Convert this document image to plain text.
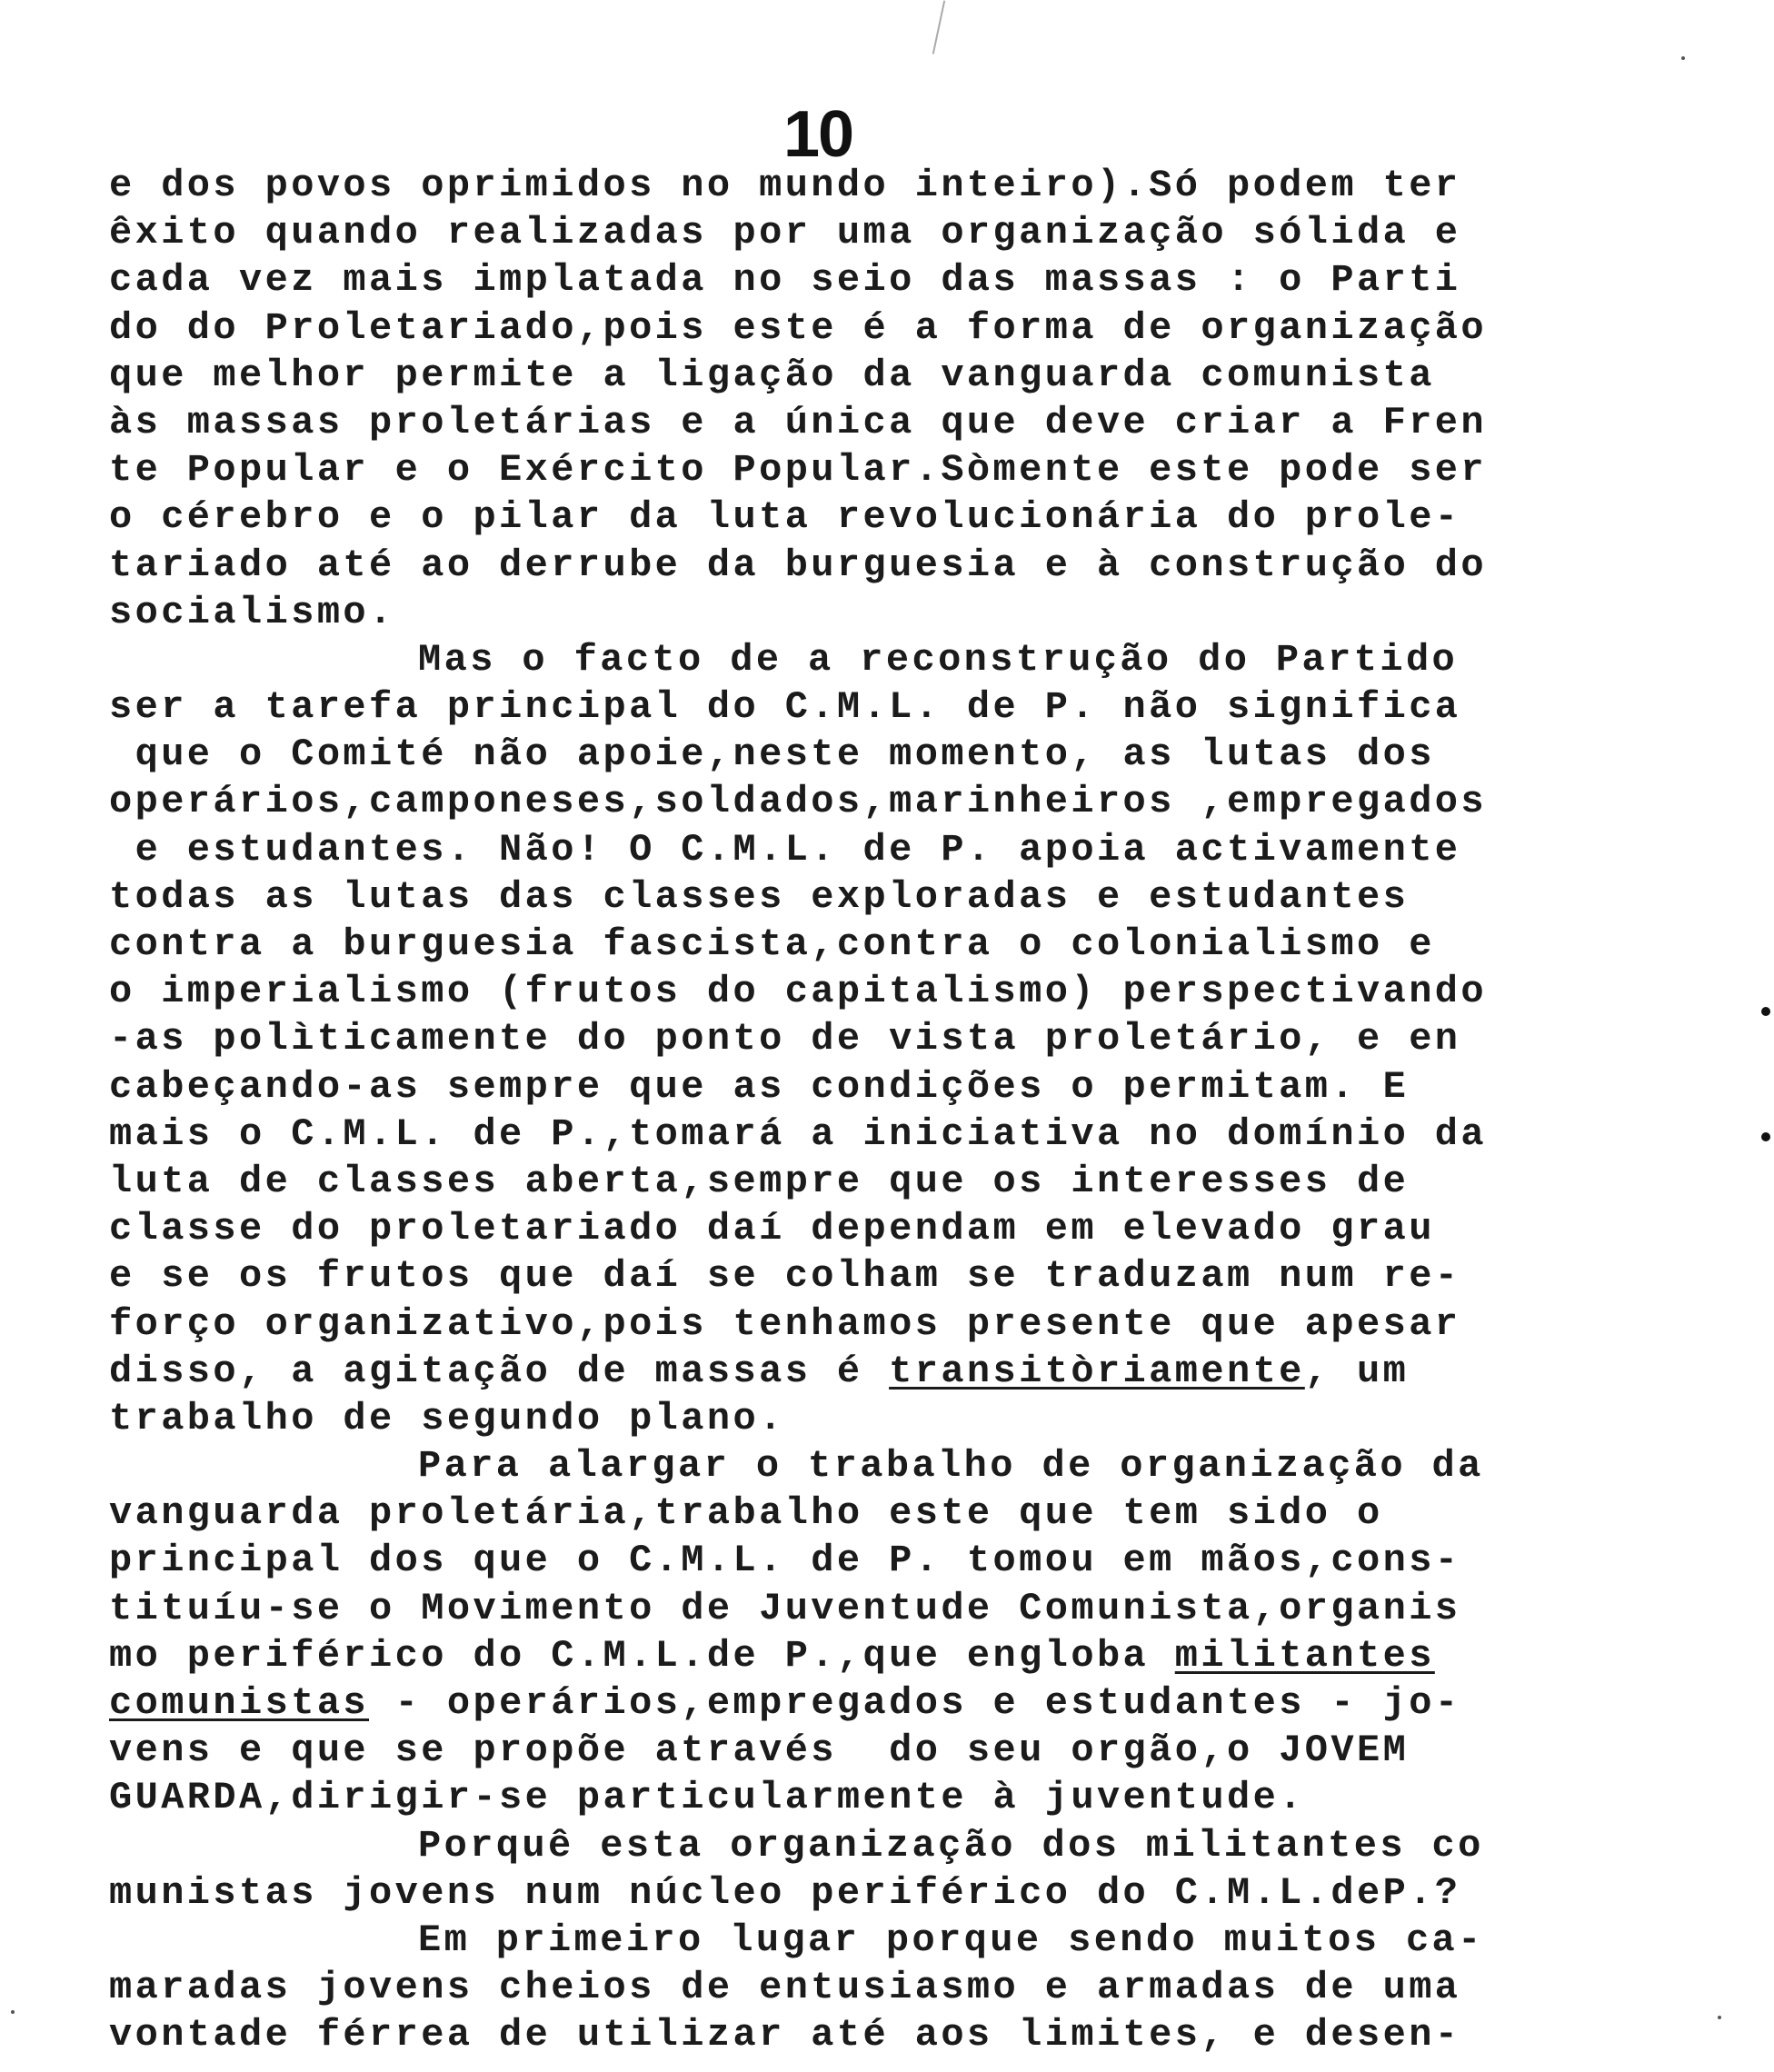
10
e dos povos oprimidos no mundo inteiro).Só podem ter
êxito quando realizadas por uma organização sólida e
cada vez mais implatada no seio das massas : o Parti
do do Proletariado,pois este é a forma de organização
que melhor permite a ligação da vanguarda comunista
às massas proletárias e a única que deve criar a Fren
te Popular e o Exército Popular.Sòmente este pode ser
o cérebro e o pilar da luta revolucionária do prole-
tariado até ao derrube da burguesia e à construção do
socialismo.
Mas o facto de a reconstrução do Partido
ser a tarefa principal do C.M.L. de P. não significa
que o Comité não apoie,neste momento, as lutas dos
operários,camponeses,soldados,marinheiros ,empregados
e estudantes. Não! O C.M.L. de P. apoia activamente
todas as lutas das classes exploradas e estudantes
contra a burguesia fascista,contra o colonialismo e
o imperialismo (frutos do capitalismo) perspectivando
-as polìticamente do ponto de vista proletário, e en
cabeçando-as sempre que as condições o permitam. E
mais o C.M.L. de P.,tomará a iniciativa no domínio da
luta de classes aberta,sempre que os interesses de
classe do proletariado daí dependam em elevado grau
e se os frutos que daí se colham se traduzam num re-
forço organizativo,pois tenhamos presente que apesar
disso, a agitação de massas é transitòriamente, um
trabalho de segundo plano.
Para alargar o trabalho de organização da
vanguarda proletária,trabalho este que tem sido o
principal dos que o C.M.L. de P. tomou em mãos,cons-
tituíu-se o Movimento de Juventude Comunista,organis
mo periférico do C.M.L.de P.,que engloba militantes
comunistas - operários,empregados e estudantes - jo-
vens e que se propõe através  do seu orgão,o JOVEM
GUARDA,dirigir-se particularmente à juventude.
Porquê esta organização dos militantes co
munistas jovens num núcleo periférico do C.M.L.deP.?
Em primeiro lugar porque sendo muitos ca-
maradas jovens cheios de entusiasmo e armadas de uma
vontade férrea de utilizar até aos limites, e desen-
